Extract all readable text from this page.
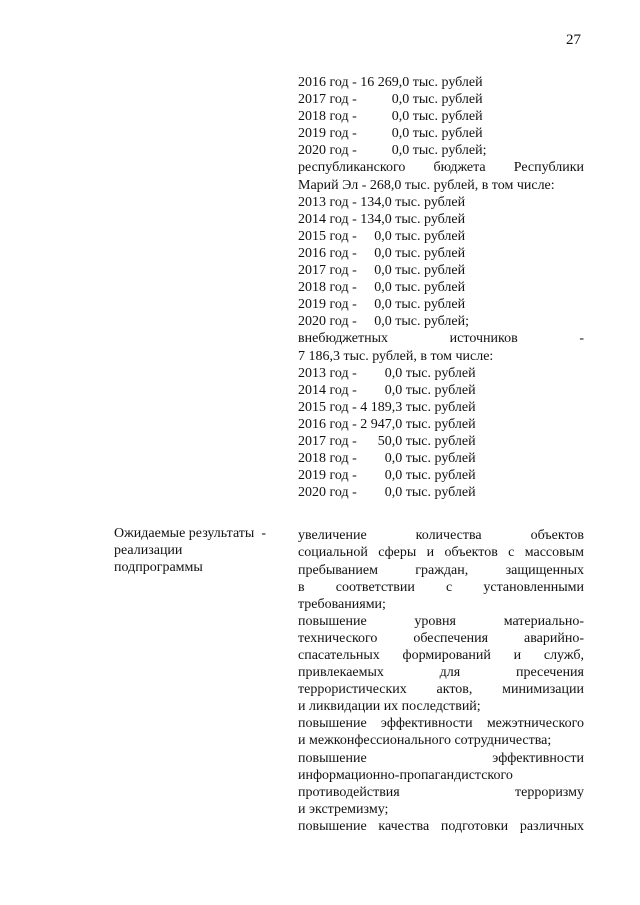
27
2016 год - 16 269,0 тыс. рублей
2017 год -          0,0 тыс. рублей
2018 год -          0,0 тыс. рублей
2019 год -          0,0 тыс. рублей
2020 год -          0,0 тыс. рублей;
республиканского бюджета Республики
Марий Эл - 268,0 тыс. рублей, в том числе:
2013 год - 134,0 тыс. рублей
2014 год - 134,0 тыс. рублей
2015 год -     0,0 тыс. рублей
2016 год -     0,0 тыс. рублей
2017 год -     0,0 тыс. рублей
2018 год -     0,0 тыс. рублей
2019 год -     0,0 тыс. рублей
2020 год -     0,0 тыс. рублей;
внебюджетных источников -
7 186,3 тыс. рублей, в том числе:
2013 год -        0,0 тыс. рублей
2014 год -        0,0 тыс. рублей
2015 год - 4 189,3 тыс. рублей
2016 год - 2 947,0 тыс. рублей
2017 год -      50,0 тыс. рублей
2018 год -        0,0 тыс. рублей
2019 год -        0,0 тыс. рублей
2020 год -        0,0 тыс. рублей
увеличение количества объектов
социальной сферы и объектов с массовым
пребыванием граждан, защищенных
в соответствии с установленными
требованиями;
повышение уровня материально-
технического обеспечения аварийно-
спасательных формирований и служб,
привлекаемых для пресечения
террористических актов, минимизации
и ликвидации их последствий;
повышение эффективности межэтнического
и межконфессионального сотрудничества;
повышение эффективности
информационно-пропагандистского
противодействия терроризму
и экстремизму;
повышение качества подготовки различных
Ожидаемые результаты  -
реализации
подпрограммы
